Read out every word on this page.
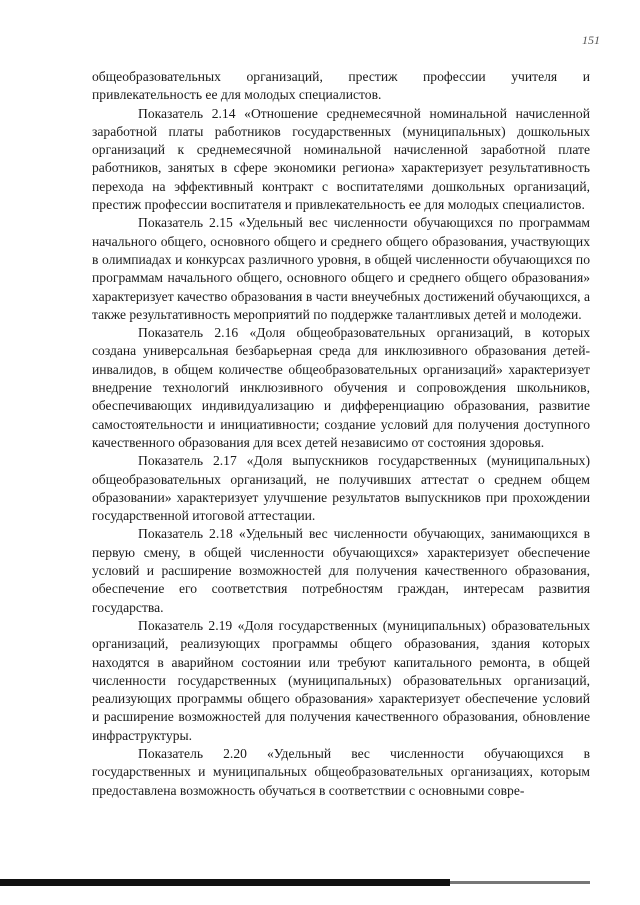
151

общеобразовательных организаций, престиж профессии учителя и привлекательность ее для молодых специалистов.

Показатель 2.14 «Отношение среднемесячной номинальной начисленной заработной платы работников государственных (муниципальных) дошкольных организаций к среднемесячной номинальной начисленной заработной плате работников, занятых в сфере экономики региона» характеризует результативность перехода на эффективный контракт с воспитателями дошкольных организаций, престиж профессии воспитателя и привлекательность ее для молодых специалистов.

Показатель 2.15 «Удельный вес численности обучающихся по программам начального общего, основного общего и среднего общего образования, участвующих в олимпиадах и конкурсах различного уровня, в общей численности обучающихся по программам начального общего, основного общего и среднего общего образования» характеризует качество образования в части внеучебных достижений обучающихся, а также результативность мероприятий по поддержке талантливых детей и молодежи.

Показатель 2.16 «Доля общеобразовательных организаций, в которых создана универсальная безбарьерная среда для инклюзивного образования детей-инвалидов, в общем количестве общеобразовательных организаций» характеризует внедрение технологий инклюзивного обучения и сопровождения школьников, обеспечивающих индивидуализацию и дифференциацию образования, развитие самостоятельности и инициативности; создание условий для получения доступного качественного образования для всех детей независимо от состояния здоровья.

Показатель 2.17 «Доля выпускников государственных (муниципальных) общеобразовательных организаций, не получивших аттестат о среднем общем образовании» характеризует улучшение результатов выпускников при прохождении государственной итоговой аттестации.

Показатель 2.18 «Удельный вес численности обучающих, занимающихся в первую смену, в общей численности обучающихся» характеризует обеспечение условий и расширение возможностей для получения качественного образования, обеспечение его соответствия потребностям граждан, интересам развития государства.

Показатель 2.19 «Доля государственных (муниципальных) образовательных организаций, реализующих программы общего образования, здания которых находятся в аварийном состоянии или требуют капитального ремонта, в общей численности государственных (муниципальных) образовательных организаций, реализующих программы общего образования» характеризует обеспечение условий и расширение возможностей для получения качественного образования, обновление инфраструктуры.

Показатель 2.20 «Удельный вес численности обучающихся в государственных и муниципальных общеобразовательных организациях, которым предоставлена возможность обучаться в соответствии с основными совре-
